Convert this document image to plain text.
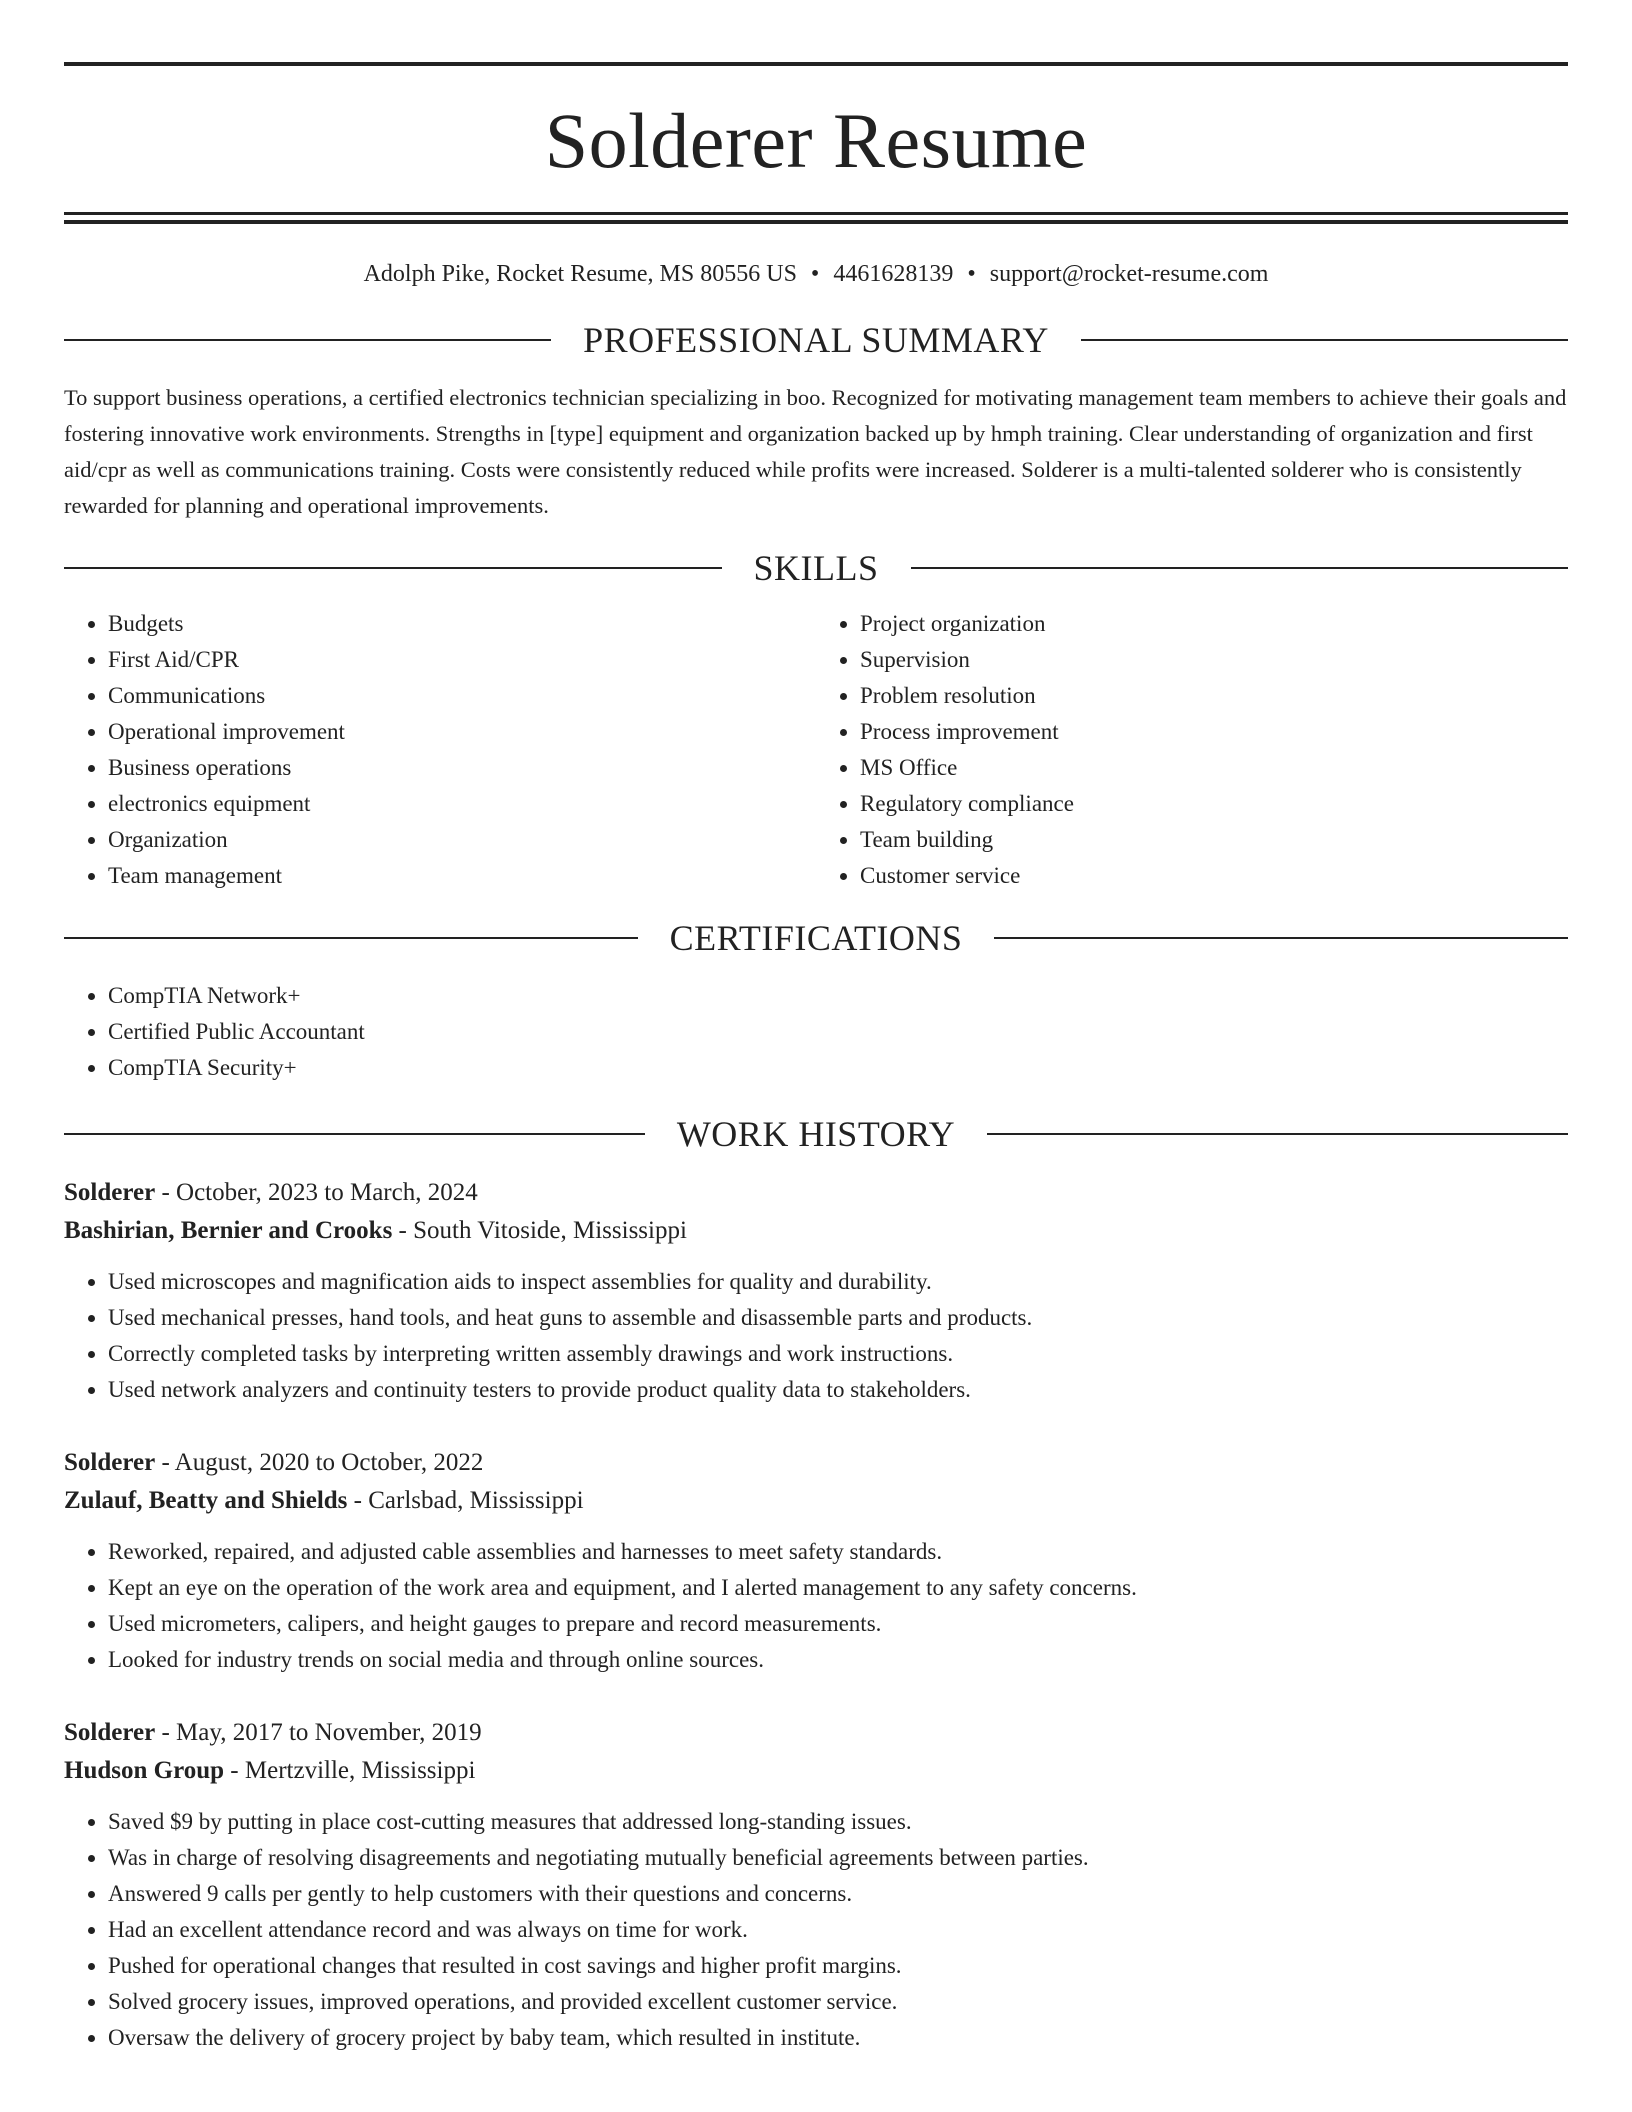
Solderer Resume
Adolph Pike, Rocket Resume, MS 80556 US • 4461628139 • support@rocket-resume.com
PROFESSIONAL SUMMARY

To support business operations, a certified electronics technician specializing in boo. Recognized for motivating management team members to achieve their goals and fostering innovative work environments. Strengths in [type] equipment and organization backed up by hmph training. Clear understanding of organization and first aid/cpr as well as communications training. Costs were consistently reduced while profits were increased. Solderer is a multi-talented solderer who is consistently rewarded for planning and operational improvements.

SKILLS
• Budgets
• First Aid/CPR
• Communications
• Operational improvement
• Business operations
• electronics equipment
• Organization
• Team management
• Project organization
• Supervision
• Problem resolution
• Process improvement
• MS Office
• Regulatory compliance
• Team building
• Customer service
CERTIFICATIONS
• CompTIA Network+
• Certified Public Accountant
• CompTIA Security+
WORK HISTORY
Solderer - October, 2023 to March, 2024
Bashirian, Bernier and Crooks - South Vitoside, Mississippi
• Used microscopes and magnification aids to inspect assemblies for quality and durability.
• Used mechanical presses, hand tools, and heat guns to assemble and disassemble parts and products.
• Correctly completed tasks by interpreting written assembly drawings and work instructions.
• Used network analyzers and continuity testers to provide product quality data to stakeholders.
Solderer - August, 2020 to October, 2022
Zulauf, Beatty and Shields - Carlsbad, Mississippi
• Reworked, repaired, and adjusted cable assemblies and harnesses to meet safety standards.
• Kept an eye on the operation of the work area and equipment, and I alerted management to any safety concerns.
• Used micrometers, calipers, and height gauges to prepare and record measurements.
• Looked for industry trends on social media and through online sources.
Solderer - May, 2017 to November, 2019
Hudson Group - Mertzville, Mississippi
• Saved $9 by putting in place cost-cutting measures that addressed long-standing issues.
• Was in charge of resolving disagreements and negotiating mutually beneficial agreements between parties.
• Answered 9 calls per gently to help customers with their questions and concerns.
• Had an excellent attendance record and was always on time for work.
• Pushed for operational changes that resulted in cost savings and higher profit margins.
• Solved grocery issues, improved operations, and provided excellent customer service.
• Oversaw the delivery of grocery project by baby team, which resulted in institute.
